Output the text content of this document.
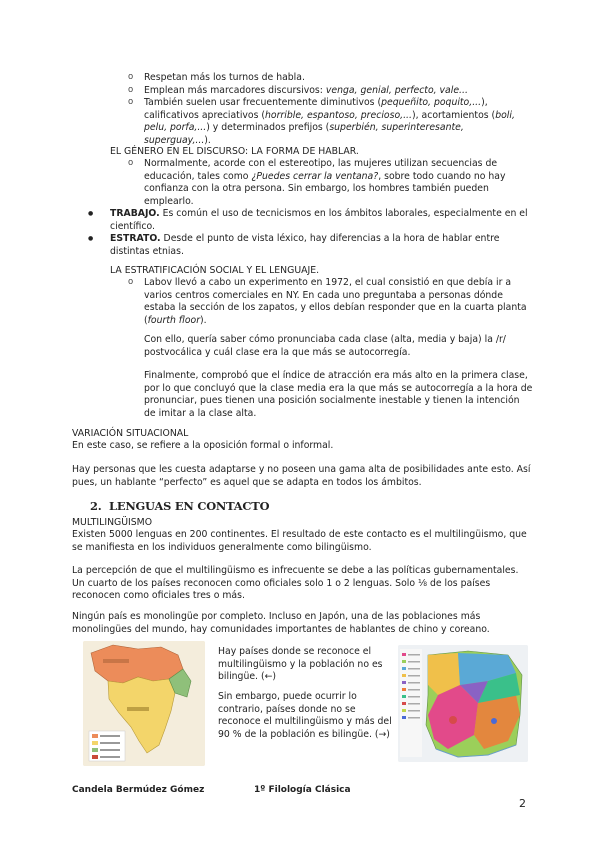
o Respetan más los turnos de habla.

o Emplean más marcadores discursivos: venga, genial, perfecto, vale...

o También suelen usar frecuentemente diminutivos (pequeñito, poquito,...), calificativos apreciativos (horrible, espantoso, precioso,...), acortamientos (boli, pelu, porfa,...) y determinados prefijos (superbién, superinteresante, superguay,...).

EL GÉNERO EN EL DISCURSO: LA FORMA DE HABLAR.

o Normalmente, acorde con el estereotipo, las mujeres utilizan secuencias de educación, tales como ¿Puedes cerrar la ventana?, sobre todo cuando no hay confianza con la otra persona. Sin embargo, los hombres también pueden emplearlo.

● TRABAJO. Es común el uso de tecnicismos en los ámbitos laborales, especialmente en el científico.

● ESTRATO. Desde el punto de vista léxico, hay diferencias a la hora de hablar entre distintas etnias.

LA ESTRATIFICACIÓN SOCIAL Y EL LENGUAJE.

o Labov llevó a cabo un experimento en 1972, el cual consistió en que debía ir a varios centros comerciales en NY. En cada uno preguntaba a personas dónde estaba la sección de los zapatos, y ellos debían responder que en la cuarta planta (fourth floor).

Con ello, quería saber cómo pronunciaba cada clase (alta, media y baja) la /r/ postvocálica y cuál clase era la que más se autocorregía.

Finalmente, comprobó que el índice de atracción era más alto en la primera clase, por lo que concluyó que la clase media era la que más se autocorregía a la hora de pronunciar, pues tienen una posición socialmente inestable y tienen la intención de imitar a la clase alta.

VARIACIÓN SITUACIONAL

En este caso, se refiere a la oposición formal o informal.

Hay personas que les cuesta adaptarse y no poseen una gama alta de posibilidades ante esto. Así pues, un hablante “perfecto” es aquel que se adapta en todos los ámbitos.

2. LENGUAS EN CONTACTO

MULTILINGÜISMO

Existen 5000 lenguas en 200 continentes. El resultado de este contacto es el multilingüismo, que se manifiesta en los individuos generalmente como bilingüismo.

La percepción de que el multilingüismo es infrecuente se debe a las políticas gubernamentales. Un cuarto de los países reconocen como oficiales solo 1 o 2 lenguas. Solo ⅛ de los países reconocen como oficiales tres o más.

Ningún país es monolingüe por completo. Incluso en Japón, una de las poblaciones más monolingües del mundo, hay comunidades importantes de hablantes de chino y coreano.

Hay países donde se reconoce el multilingüismo y la población no es bilingüe. (←)

Sin embargo, puede ocurrir lo contrario, países donde no se reconoce el multilingüismo y más del 90 % de la población es bilingüe. (→)

Candela Bermúdez Gómez	1º Filología Clásica

2
